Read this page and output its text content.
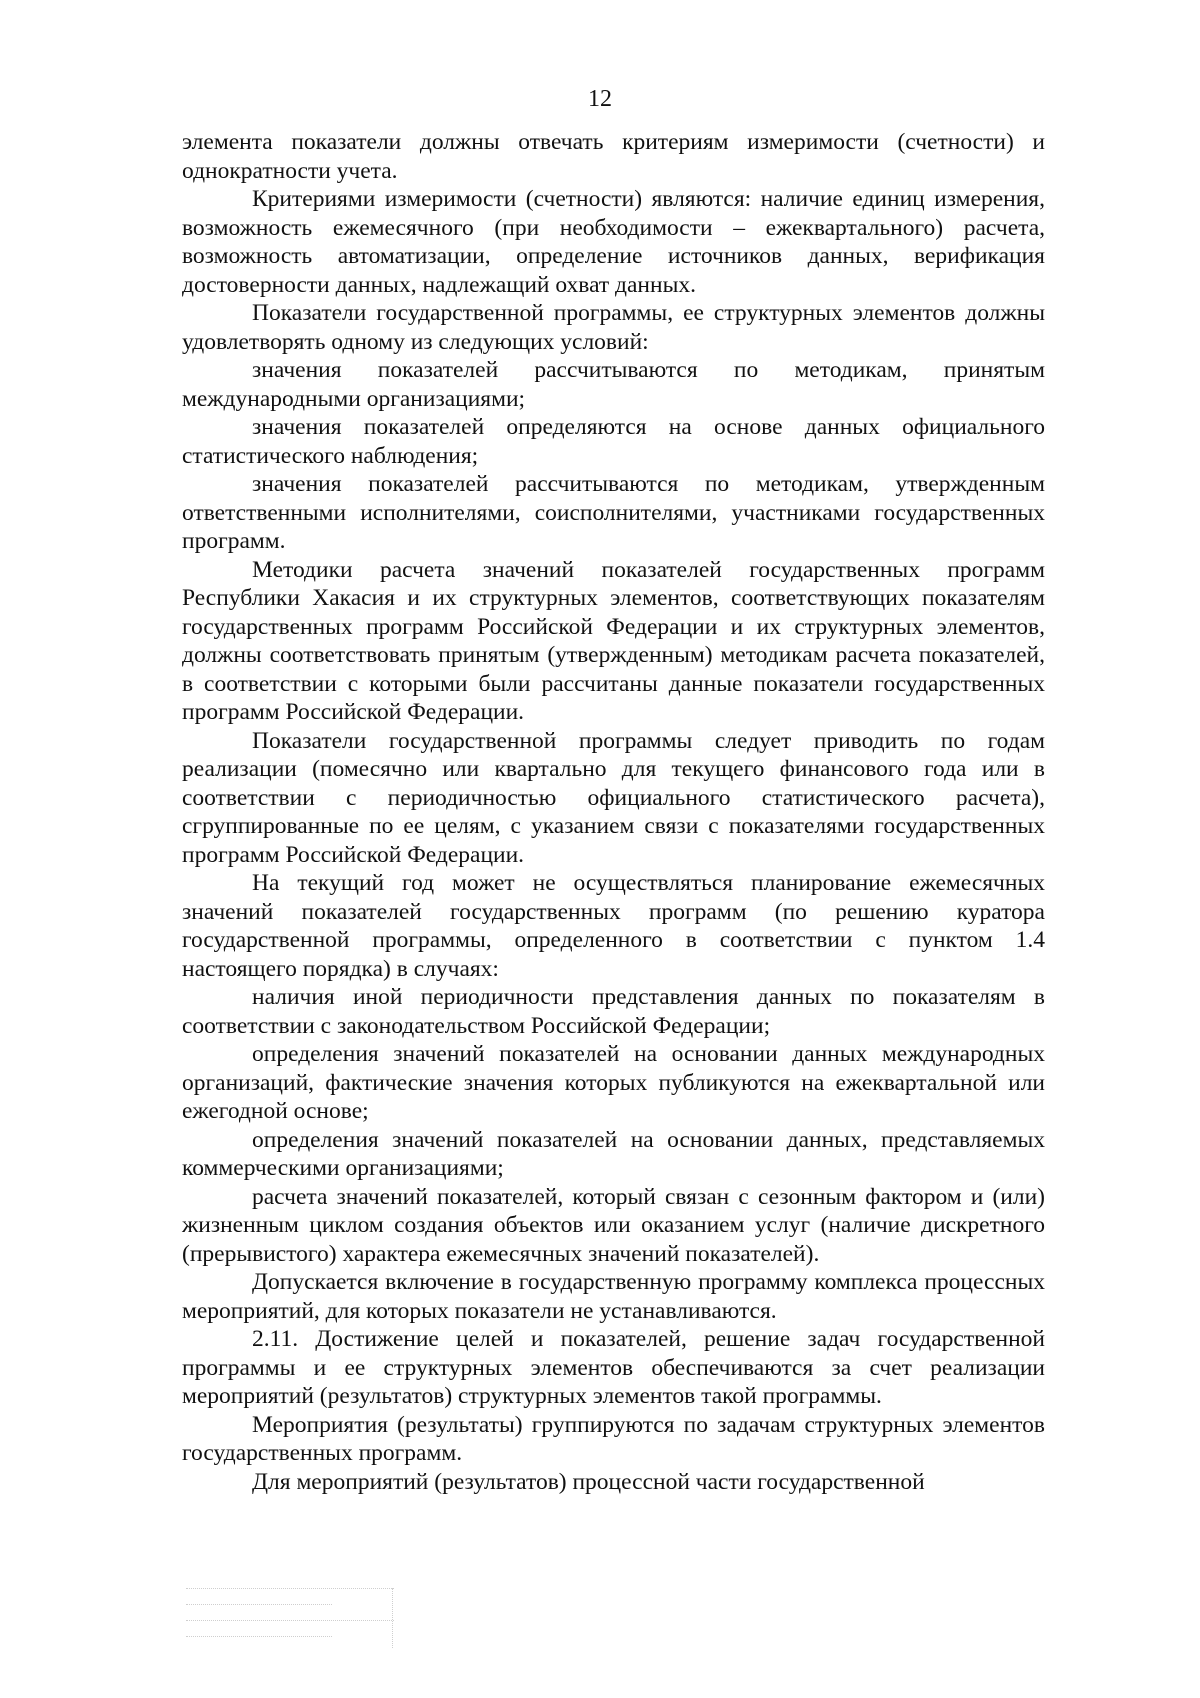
12

элемента показатели должны отвечать критериям измеримости (счетности) и однократности учета.

Критериями измеримости (счетности) являются: наличие единиц измерения, возможность ежемесячного (при необходимости – ежеквартального) расчета, возможность автоматизации, определение источников данных, верификация достоверности данных, надлежащий охват данных.

Показатели государственной программы, ее структурных элементов должны удовлетворять одному из следующих условий:

значения показателей рассчитываются по методикам, принятым международными организациями;

значения показателей определяются на основе данных официального статистического наблюдения;

значения показателей рассчитываются по методикам, утвержденным ответственными исполнителями, соисполнителями, участниками государственных программ.

Методики расчета значений показателей государственных программ Республики Хакасия и их структурных элементов, соответствующих показателям государственных программ Российской Федерации и их структурных элементов, должны соответствовать принятым (утвержденным) методикам расчета показателей, в соответствии с которыми были рассчитаны данные показатели государственных программ Российской Федерации.

Показатели государственной программы следует приводить по годам реализации (помесячно или квартально для текущего финансового года или в соответствии с периодичностью официального статистического расчета), сгруппированные по ее целям, с указанием связи с показателями государственных программ Российской Федерации.

На текущий год может не осуществляться планирование ежемесячных значений показателей государственных программ (по решению куратора государственной программы, определенного в соответствии с пунктом 1.4 настоящего порядка) в случаях:

наличия иной периодичности представления данных по показателям в соответствии с законодательством Российской Федерации;

определения значений показателей на основании данных международных организаций, фактические значения которых публикуются на ежеквартальной или ежегодной основе;

определения значений показателей на основании данных, представляемых коммерческими организациями;

расчета значений показателей, который связан с сезонным фактором и (или) жизненным циклом создания объектов или оказанием услуг (наличие дискретного (прерывистого) характера ежемесячных значений показателей).

Допускается включение в государственную программу комплекса процессных мероприятий, для которых показатели не устанавливаются.

2.11. Достижение целей и показателей, решение задач государственной программы и ее структурных элементов обеспечиваются за счет реализации мероприятий (результатов) структурных элементов такой программы.

Мероприятия (результаты) группируются по задачам структурных элементов государственных программ.

Для мероприятий (результатов) процессной части государственной
